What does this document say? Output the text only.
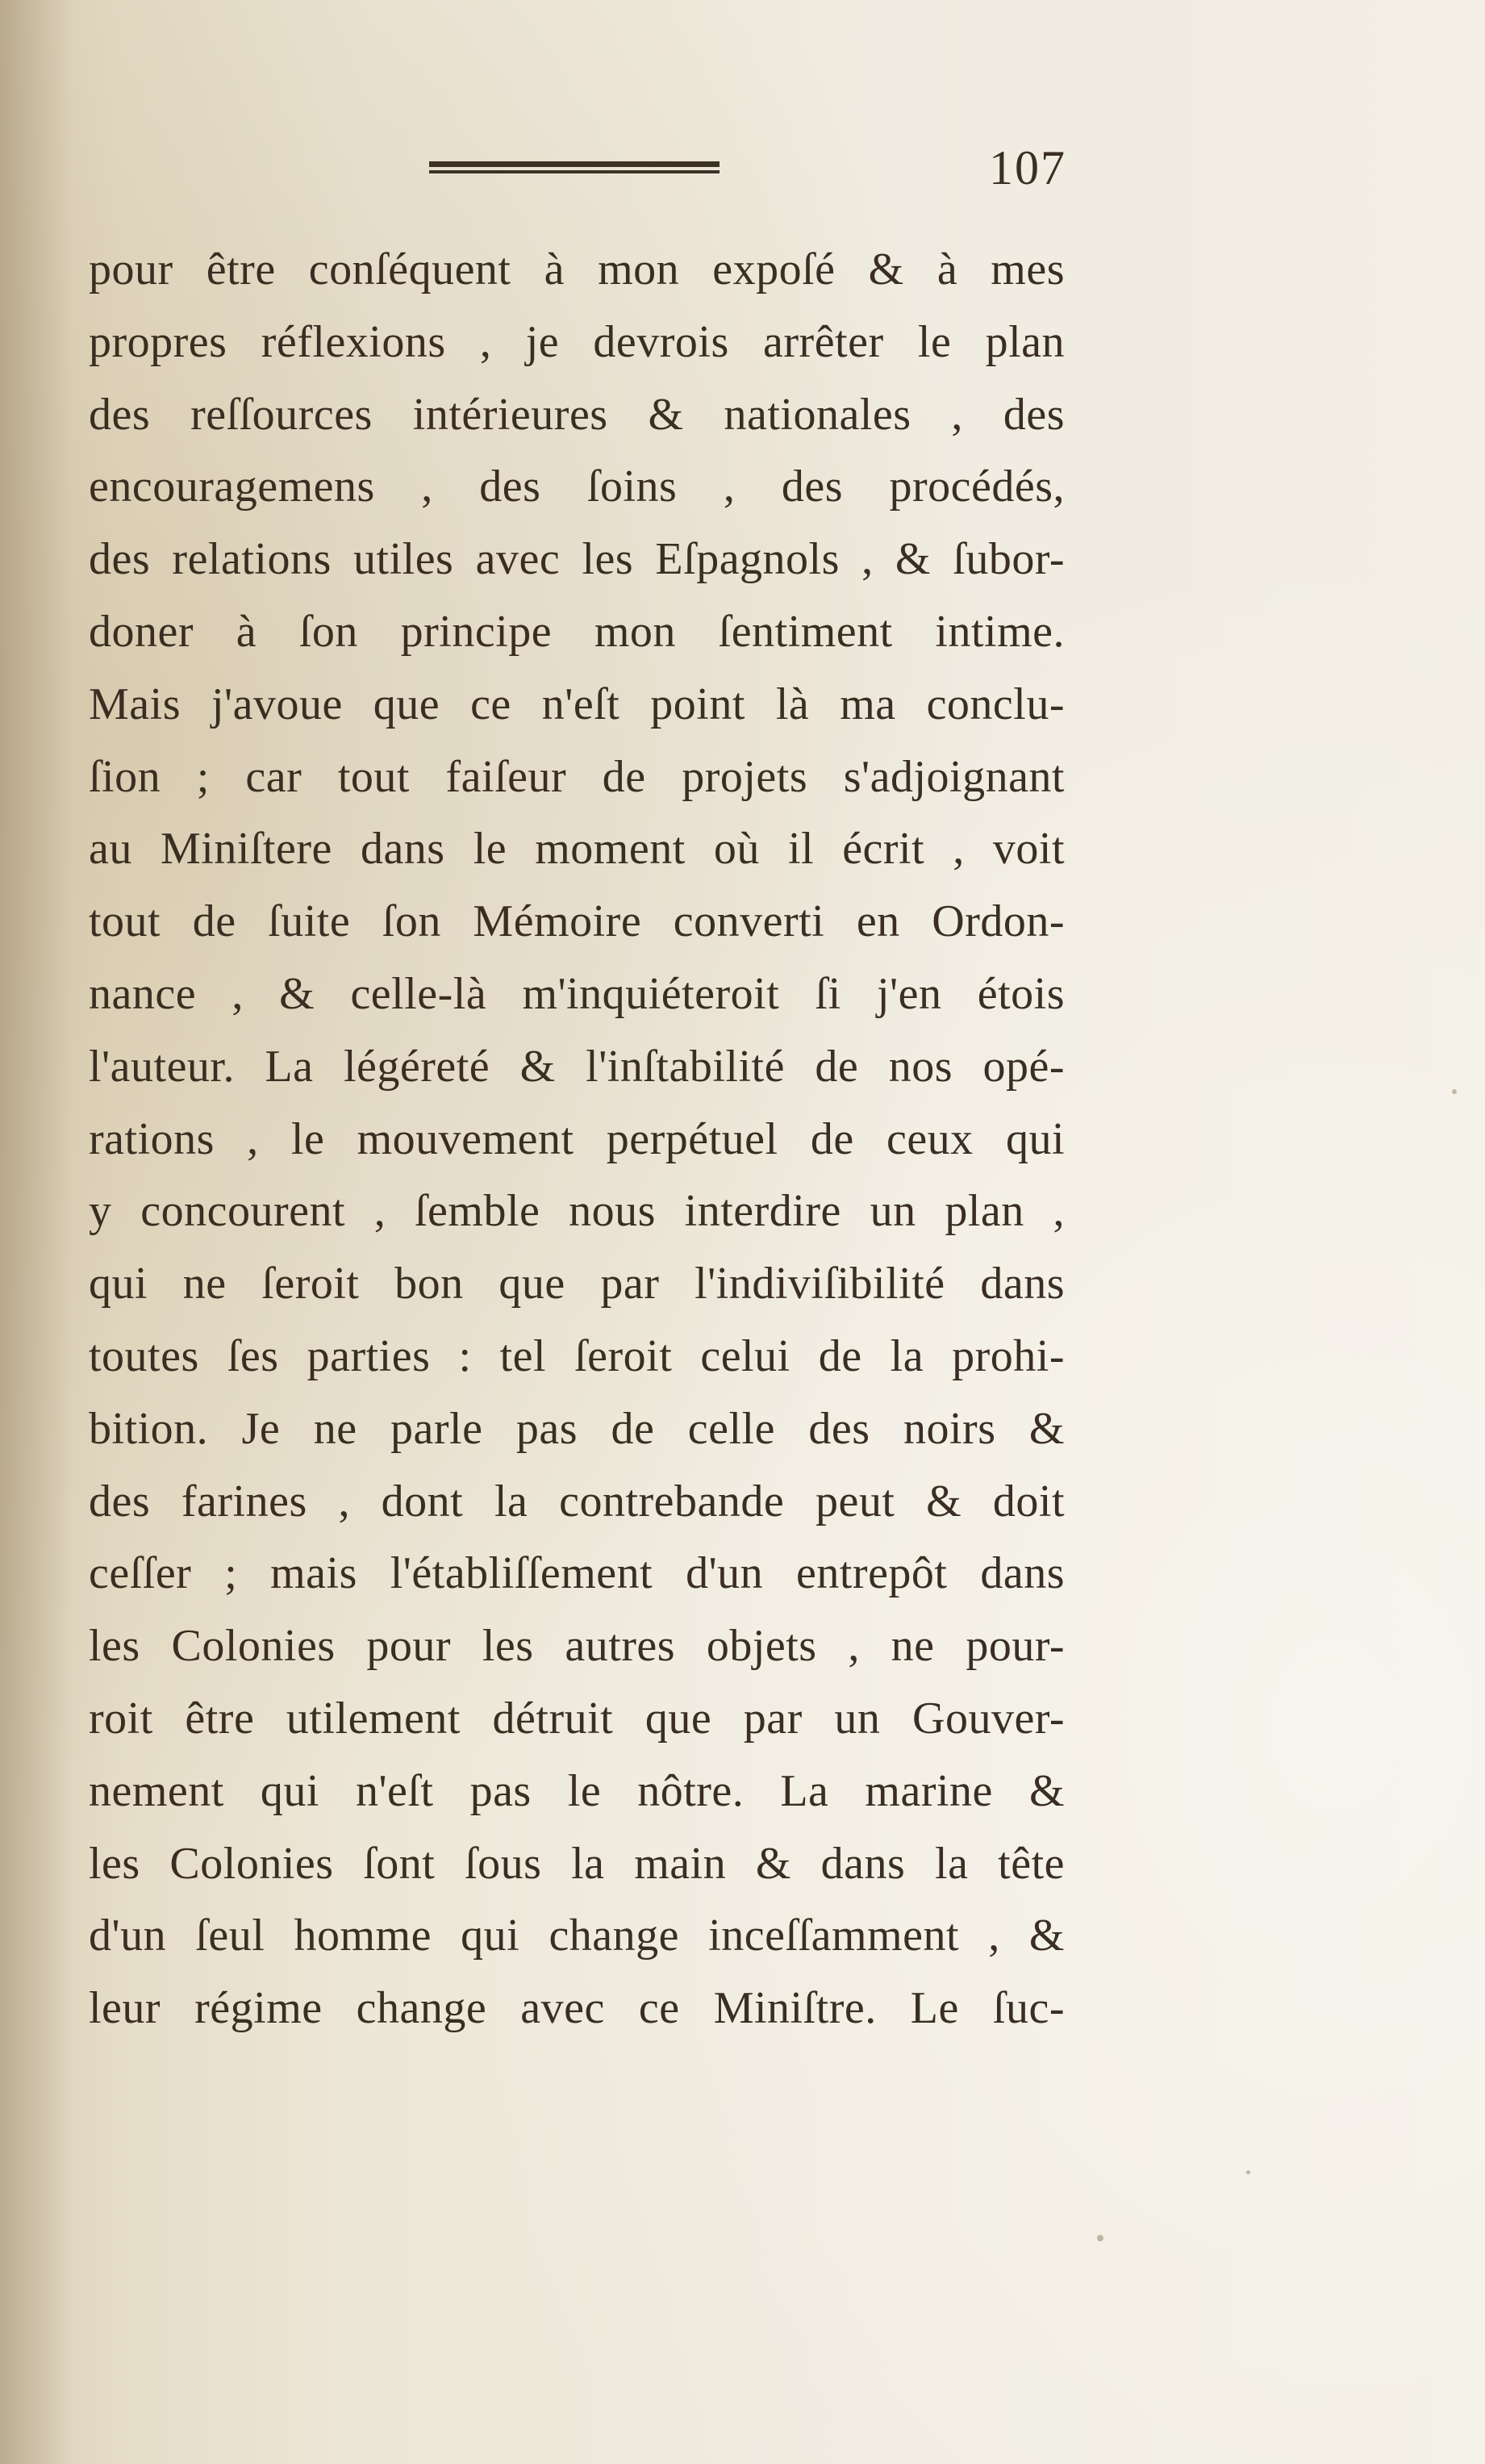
107
pour être conſéquent à mon expoſé & à mes
propres réflexions , je devrois arrêter le plan
des reſſources intérieures & nationales , des
encouragemens , des ſoins , des procédés,
des relations utiles avec les Eſpagnols , & ſubor-
doner à ſon principe mon ſentiment intime.
Mais j'avoue que ce n'eſt point là ma conclu-
ſion ; car tout faiſeur de projets s'adjoignant
au Miniſtere dans le moment où il écrit , voit
tout de ſuite ſon Mémoire converti en Ordon-
nance , & celle-là m'inquiéteroit ſi j'en étois
l'auteur. La légéreté & l'inſtabilité de nos opé-
rations , le mouvement perpétuel de ceux qui
y concourent , ſemble nous interdire un plan ,
qui ne ſeroit bon que par l'indiviſibilité dans
toutes ſes parties : tel ſeroit celui de la prohi-
bition. Je ne parle pas de celle des noirs &
des farines , dont la contrebande peut & doit
ceſſer ; mais l'établiſſement d'un entrepôt dans
les Colonies pour les autres objets , ne pour-
roit être utilement détruit que par un Gouver-
nement qui n'eſt pas le nôtre. La marine &
les Colonies ſont ſous la main & dans la tête
d'un ſeul homme qui change inceſſamment , &
leur régime change avec ce Miniſtre. Le ſuc-
